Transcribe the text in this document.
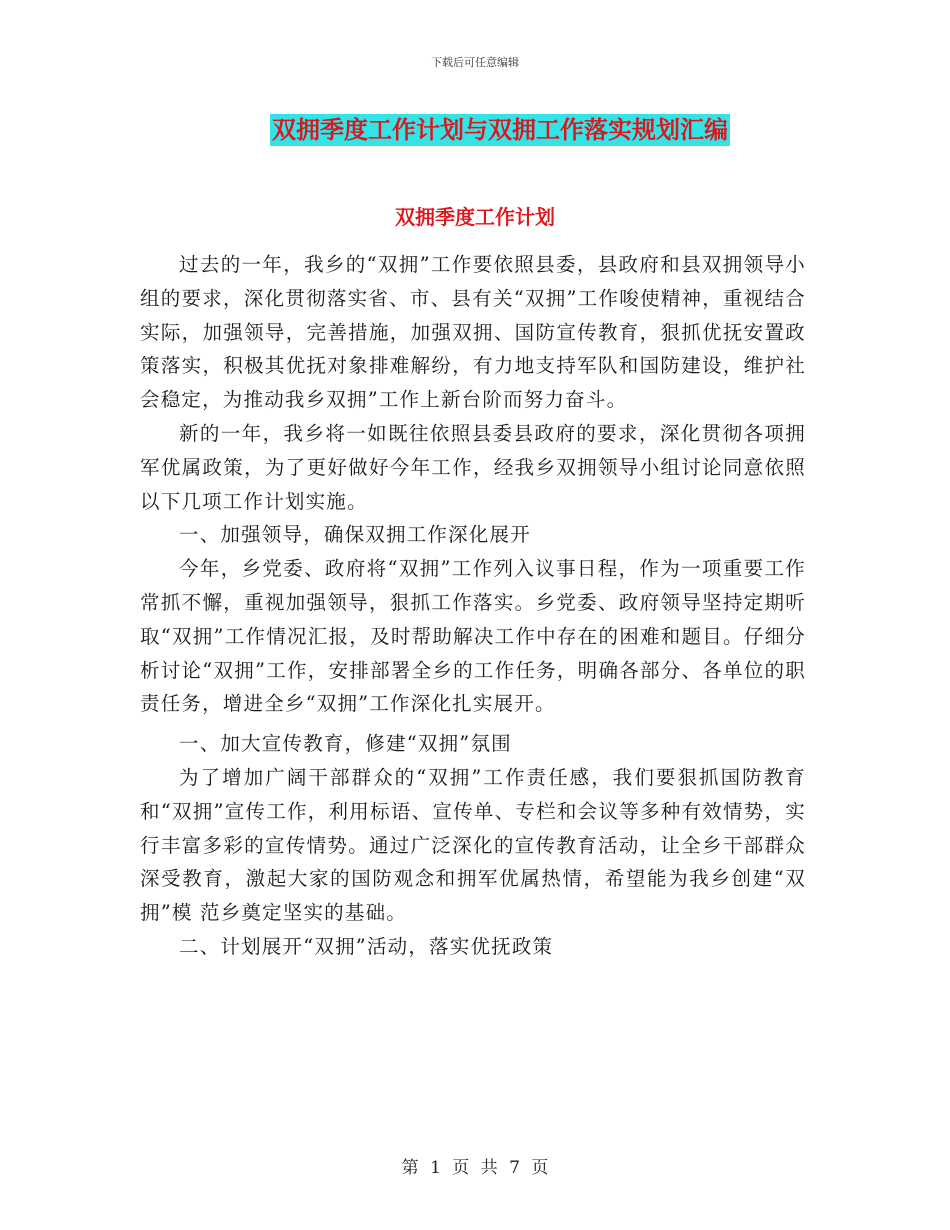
下载后可任意编辑
双拥季度工作计划与双拥工作落实规划汇编
双拥季度工作计划

过去的一年，我乡的“双拥”工作要依照县委，县政府和县双拥领导小组的要求，深化贯彻落实省、市、县有关“双拥”工作唆使精神，重视结合实际，加强领导，完善措施，加强双拥、国防宣传教育，狠抓优抚安置政策落实，积极其优抚对象排难解纷，有力地支持军队和国防建设，维护社会稳定，为推动我乡双拥”工作上新台阶而努力奋斗。

新的一年，我乡将一如既往依照县委县政府的要求，深化贯彻各项拥军优属政策，为了更好做好今年工作，经我乡双拥领导小组讨论同意依照以下几项工作计划实施。

一、加强领导，确保双拥工作深化展开

今年，乡党委、政府将“双拥”工作列入议事日程，作为一项重要工作常抓不懈，重视加强领导，狠抓工作落实。乡党委、政府领导坚持定期听取“双拥”工作情况汇报，及时帮助解决工作中存在的困难和题目。仔细分析讨论“双拥”工作，安排部署全乡的工作任务，明确各部分、各单位的职责任务，增进全乡“双拥”工作深化扎实展开。

一、加大宣传教育，修建“双拥”氛围

为了增加广阔干部群众的“双拥”工作责任感，我们要狠抓国防教育和“双拥”宣传工作，利用标语、宣传单、专栏和会议等多种有效情势，实行丰富多彩的宣传情势。通过广泛深化的宣传教育活动，让全乡干部群众深受教育，激起大家的国防观念和拥军优属热情，希望能为我乡创建“双拥”模 范乡奠定坚实的基础。

二、计划展开“双拥”活动，落实优抚政策

第 1 页 共 7 页
